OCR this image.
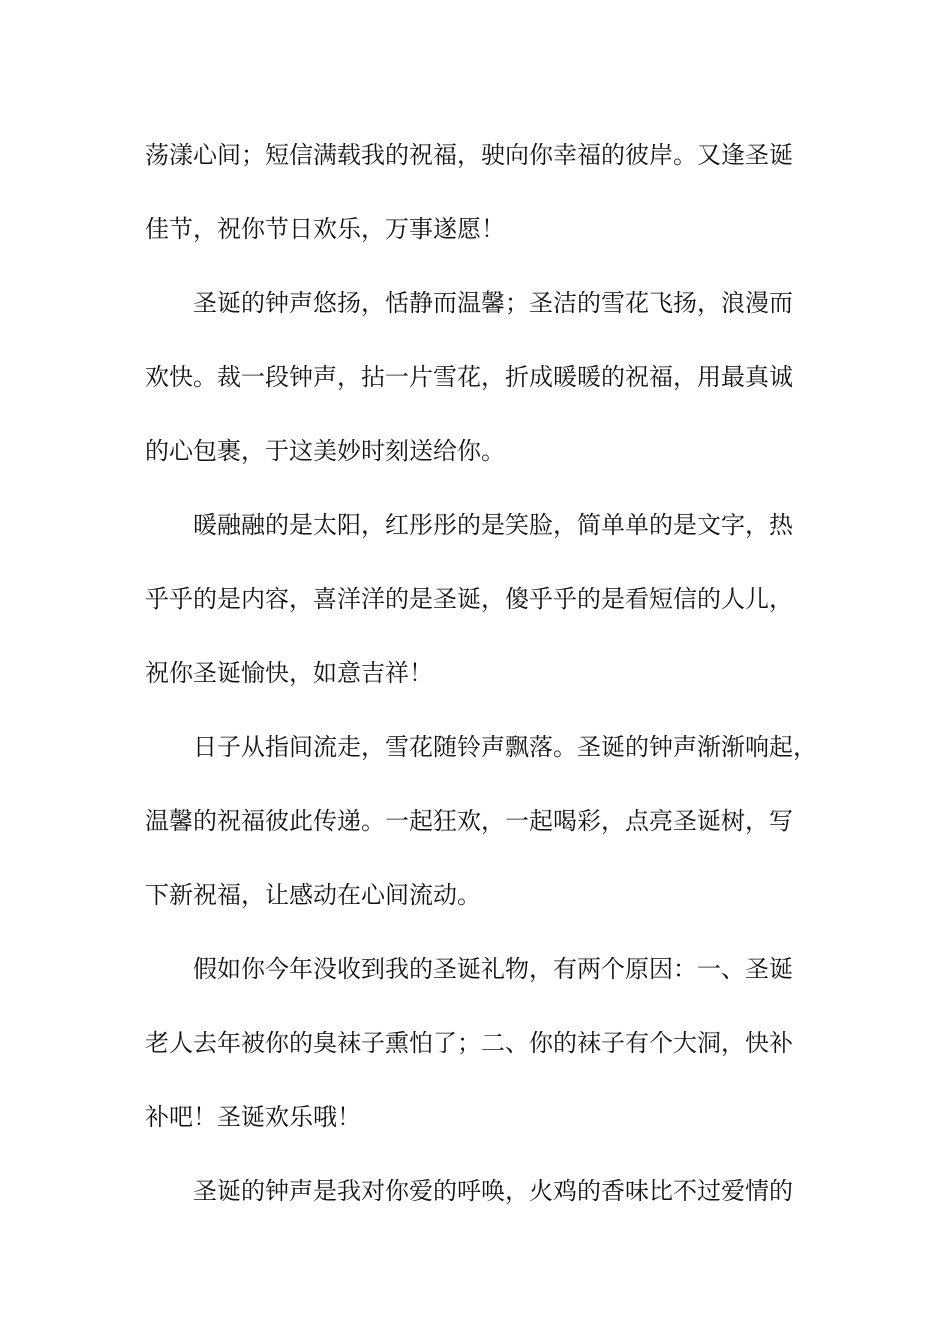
荡漾心间；短信满载我的祝福，驶向你幸福的彼岸。又逢圣诞
佳节，祝你节日欢乐，万事遂愿！
圣诞的钟声悠扬，恬静而温馨；圣洁的雪花飞扬，浪漫而
欢快。裁一段钟声，拈一片雪花，折成暖暖的祝福，用最真诚
的心包裹，于这美妙时刻送给你。
暖融融的是太阳，红彤彤的是笑脸，简单单的是文字，热
乎乎的是内容，喜洋洋的是圣诞，傻乎乎的是看短信的人儿，
祝你圣诞愉快，如意吉祥！
日子从指间流走，雪花随铃声飘落。圣诞的钟声渐渐响起，
温馨的祝福彼此传递。一起狂欢，一起喝彩，点亮圣诞树，写
下新祝福，让感动在心间流动。
假如你今年没收到我的圣诞礼物，有两个原因：一、圣诞
老人去年被你的臭袜子熏怕了；二、你的袜子有个大洞，快补
补吧！圣诞欢乐哦！
圣诞的钟声是我对你爱的呼唤，火鸡的香味比不过爱情的
